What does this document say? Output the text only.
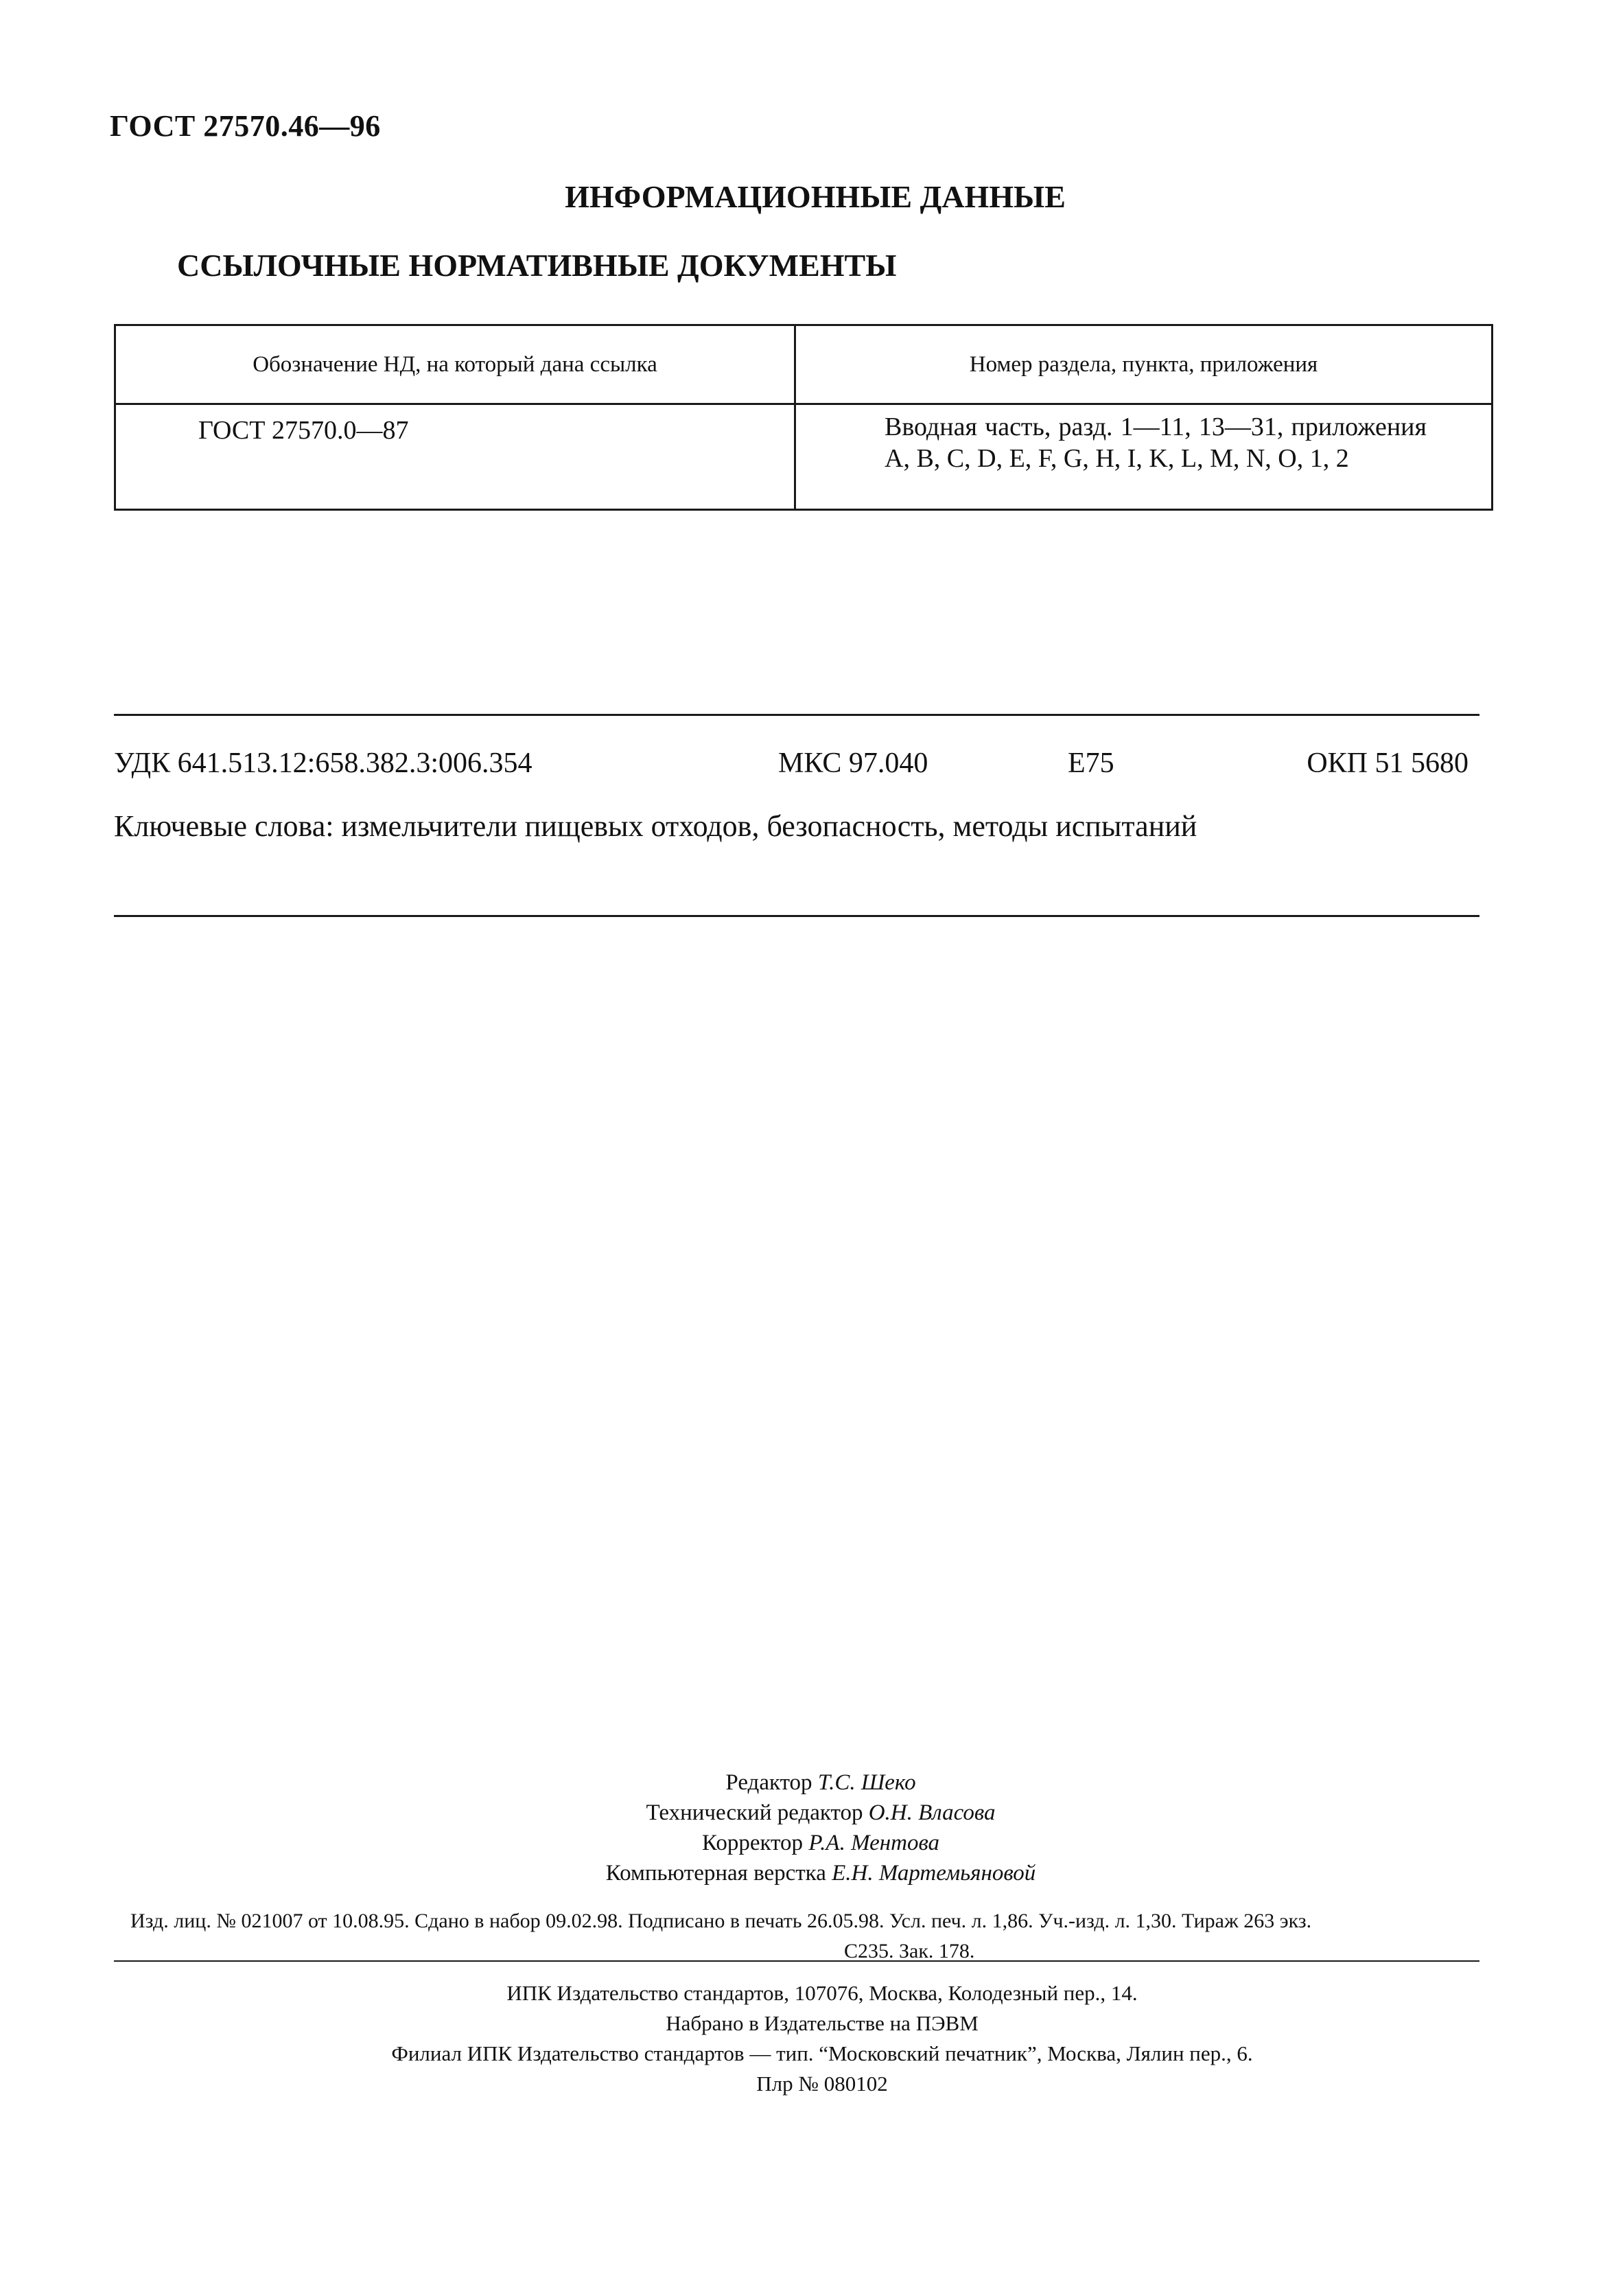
ГОСТ 27570.46—96
ИНФОРМАЦИОННЫЕ ДАННЫЕ
ССЫЛОЧНЫЕ НОРМАТИВНЫЕ ДОКУМЕНТЫ
Обозначение НД, на который дана ссылка	Номер раздела, пункта, приложения
ГОСТ 27570.0—87	Вводная часть, разд. 1—11, 13—31, приложения A, B, C, D, E, F, G, H, I, K, L, M, N, O, 1, 2
УДК 641.513.12:658.382.3:006.354	МКС 97.040	Е75	ОКП 51 5680
Ключевые слова: измельчители пищевых отходов, безопасность, методы испытаний
Редактор Т.С. Шеко
Технический редактор О.Н. Власова
Корректор Р.А. Ментова
Компьютерная верстка Е.Н. Мартемьяновой
Изд. лиц. № 021007 от 10.08.95. Сдано в набор 09.02.98. Подписано в печать 26.05.98. Усл. печ. л. 1,86. Уч.-изд. л. 1,30. Тираж 263 экз.
С235. Зак. 178.
ИПК Издательство стандартов, 107076, Москва, Колодезный пер., 14.
Набрано в Издательстве на ПЭВМ
Филиал ИПК Издательство стандартов — тип. “Московский печатник”, Москва, Лялин пер., 6.
Плр № 080102
